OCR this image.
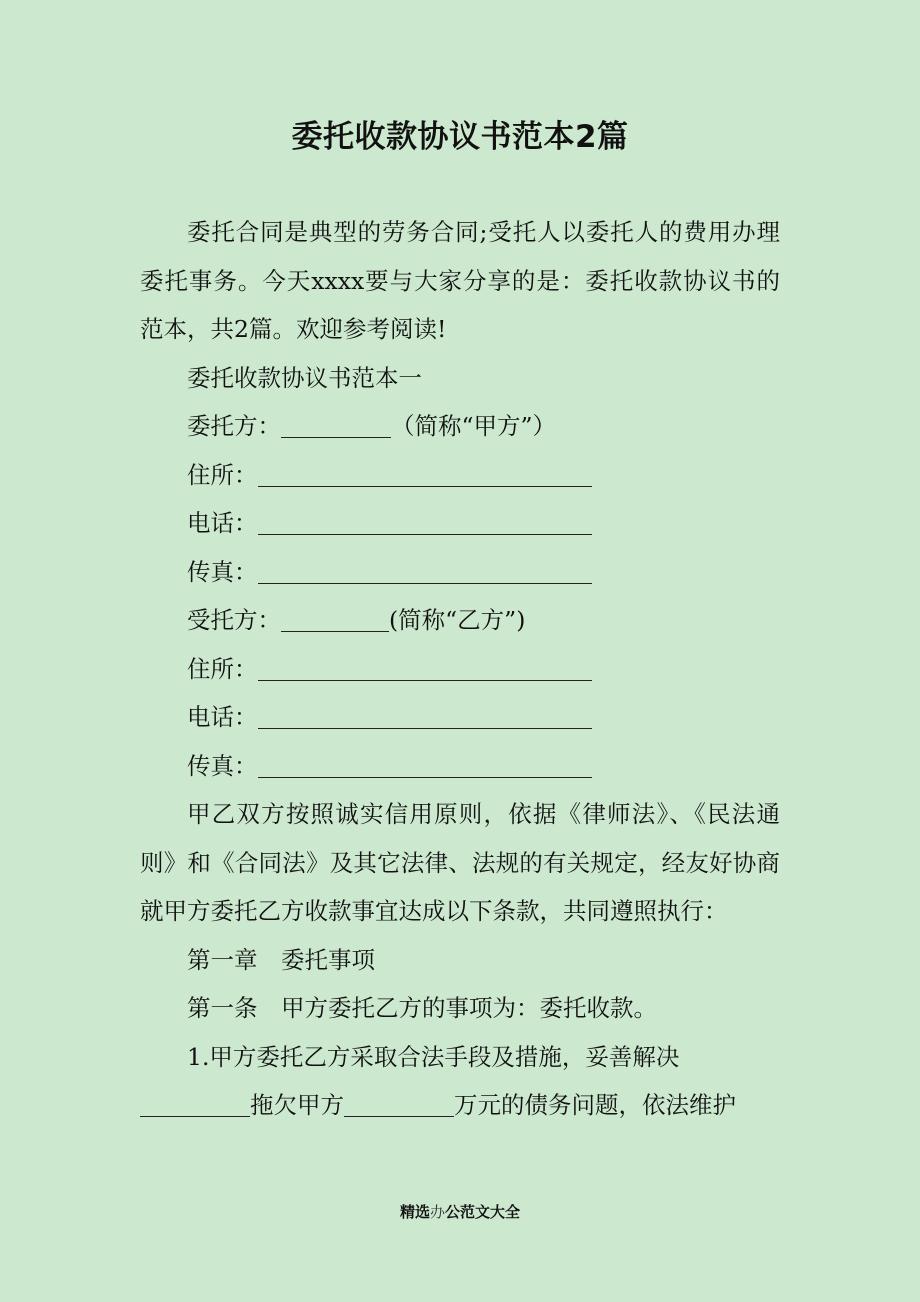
委托收款协议书范本2篇

委托合同是典型的劳务合同;受托人以委托人的费用办理委托事务。今天xxxx要与大家分享的是：委托收款协议书的范本，共2篇。欢迎参考阅读!

委托收款协议书范本一

委托方：	（简称“甲方”）

住所：

电话：

传真：

受托方：	(简称“乙方”)

住所：

电话：

传真：

甲乙双方按照诚实信用原则，依据《律师法》、《民法通则》和《合同法》及其它法律、法规的有关规定，经友好协商就甲方委托乙方收款事宜达成以下条款，共同遵照执行：

第一章 委托事项

第一条 甲方委托乙方的事项为：委托收款。

1.甲方委托乙方采取合法手段及措施，妥善解决

拖欠甲方	万元的债务问题，依法维护

精选办公范文大全
